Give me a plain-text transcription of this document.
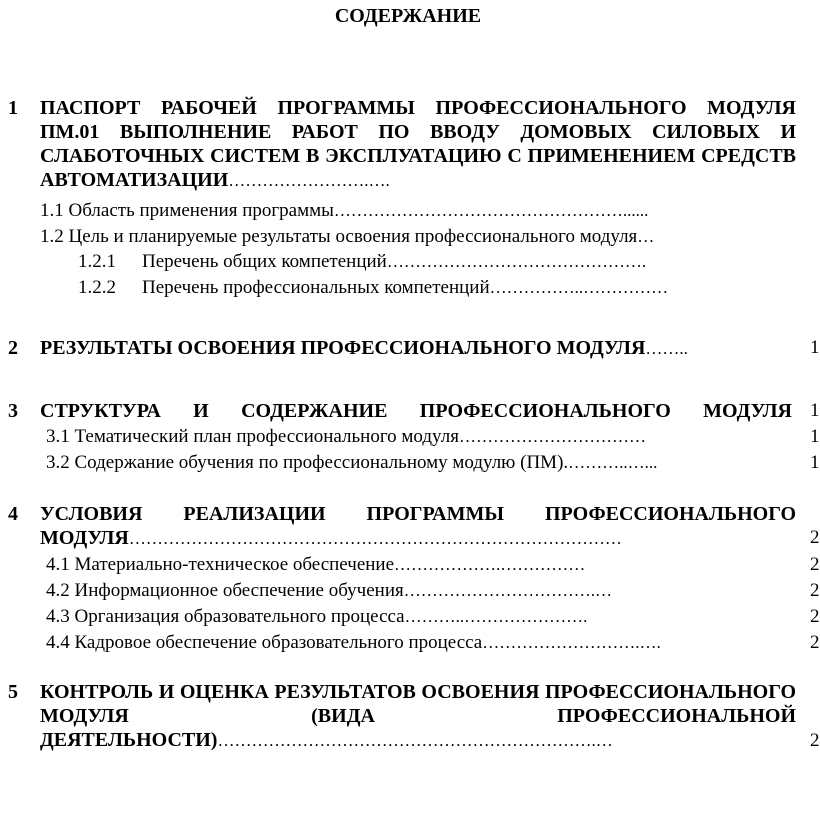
СОДЕРЖАНИЕ
1 ПАСПОРТ РАБОЧЕЙ ПРОГРАММЫ ПРОФЕССИОНАЛЬНОГО МОДУЛЯ ПМ.01 ВЫПОЛНЕНИЕ РАБОТ ПО ВВОДУ ДОМОВЫХ СИЛОВЫХ И СЛАБОТОЧНЫХ СИСТЕМ В ЭКСПЛУАТАЦИЮ С ПРИМЕНЕНИЕМ СРЕДСТВ АВТОМАТИЗАЦИИ…………………….….
1.1 Область применения программы……………………………………………......
1.2 Цель и планируемые результаты освоения профессионального модуля…
1.2.1 Перечень общих компетенций……………………………………….
1.2.2 Перечень профессиональных компетенций……………..……………
2 РЕЗУЛЬТАТЫ ОСВОЕНИЯ ПРОФЕССИОНАЛЬНОГО МОДУЛЯ……..	1
3 СТРУКТУРА И СОДЕРЖАНИЕ ПРОФЕССИОНАЛЬНОГО МОДУЛЯ 1
3.1 Тематический план профессионального модуля……………………………	1
3.2 Содержание обучения по профессиональному модулю (ПМ).………..…...	1
4 УСЛОВИЯ РЕАЛИЗАЦИИ ПРОГРАММЫ ПРОФЕССИОНАЛЬНОГО МОДУЛЯ……………………………………………………………………………	2
4.1 Материально-техническое обеспечение……………….……………	2
4.2 Информационное обеспечение обучения…………………………….…	2
4.3 Организация образовательного процесса………..………………….	2
4.4 Кадровое обеспечение образовательного процесса……………………….….	2
5 КОНТРОЛЬ И ОЦЕНКА РЕЗУЛЬТАТОВ ОСВОЕНИЯ ПРОФЕССИОНАЛЬНОГО МОДУЛЯ (ВИДА ПРОФЕССИОНАЛЬНОЙ ДЕЯТЕЛЬНОСТИ)………………………………………………………….…	2
